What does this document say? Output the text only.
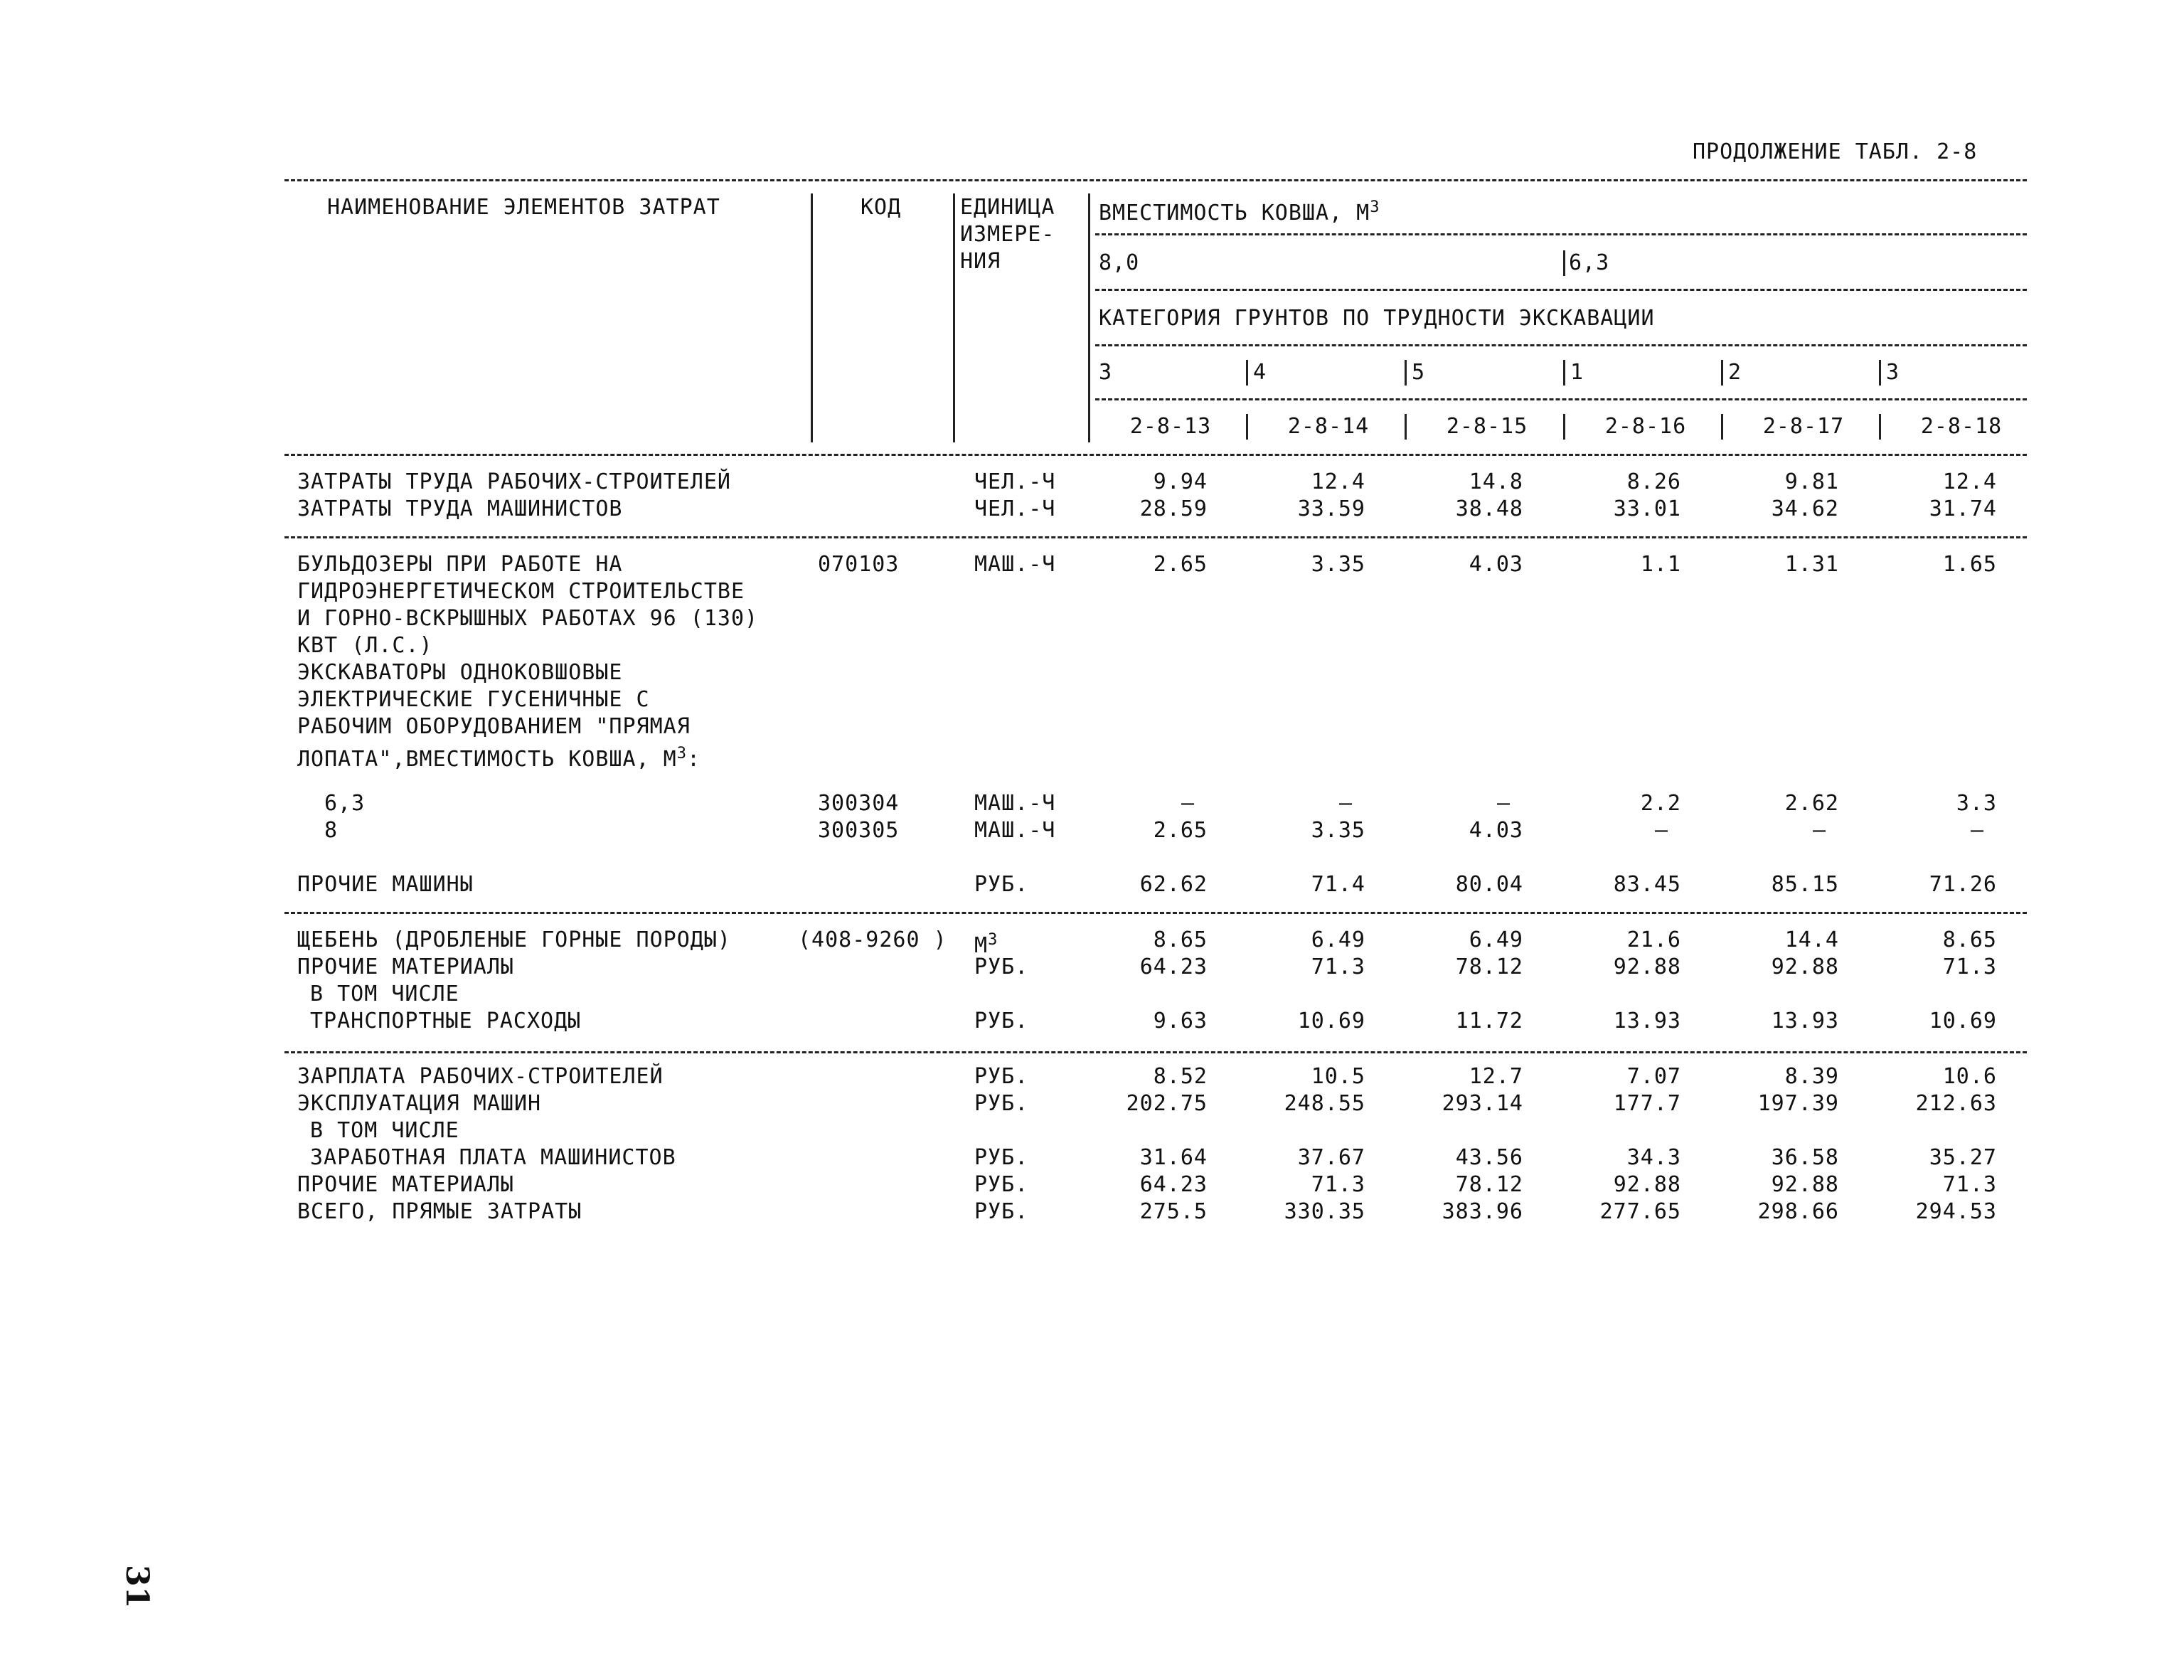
ПРОДОЛЖЕНИЕ ТАБЛ. 2-8
НАИМЕНОВАНИЕ ЭЛЕМЕНТОВ ЗАТРАТ	КОД	ЕДИНИЦА
ИЗМЕРЕ-
НИЯ
ВМЕСТИМОСТЬ КОВША, $М^3$
8,0	6,3
КАТЕГОРИЯ ГРУНТОВ ПО ТРУДНОСТИ ЭКСКАВАЦИИ
3	4	5	1	2	3
2-8-13	2-8-14	2-8-15	2-8-16	2-8-17	2-8-18
ЗАТРАТЫ ТРУДА РАБОЧИХ-СТРОИТЕЛЕЙ	ЧЕЛ.-Ч	9.94	12.4	14.8	8.26	9.81	12.4
ЗАТРАТЫ ТРУДА МАШИНИСТОВ	ЧЕЛ.-Ч	28.59	33.59	38.48	33.01	34.62	31.74
БУЛЬДОЗЕРЫ ПРИ РАБОТЕ НА
ГИДРОЭНЕРГЕТИЧЕСКОМ СТРОИТЕЛЬСТВЕ
И ГОРНО-ВСКРЫШНЫХ РАБОТАХ 96 (130)
КВТ (Л.С.)
070103	МАШ.-Ч	2.65	3.35	4.03	1.1	1.31	1.65
ЭКСКАВАТОРЫ ОДНОКОВШОВЫЕ
ЭЛЕКТРИЧЕСКИЕ ГУСЕНИЧНЫЕ С
РАБОЧИМ ОБОРУДОВАНИЕМ "ПРЯМАЯ
ЛОПАТА",ВМЕСТИМОСТЬ КОВША, $М^3$:
6,3	300304	МАШ.-Ч	–	–	–	2.2	2.62	3.3
8	300305	МАШ.-Ч	2.65	3.35	4.03	–	–	–
ПРОЧИЕ МАШИНЫ	РУБ.	62.62	71.4	80.04	83.45	85.15	71.26
ЩЕБЕНЬ (ДРОБЛЕНЫЕ ГОРНЫЕ ПОРОДЫ)	(408-9260 ) $М^3$	8.65	6.49	6.49	21.6	14.4	8.65
ПРОЧИЕ МАТЕРИАЛЫ	РУБ.	64.23	71.3	78.12	92.88	92.88	71.3
В ТОМ ЧИСЛЕ
ТРАНСПОРТНЫЕ РАСХОДЫ	РУБ.	9.63	10.69	11.72	13.93	13.93	10.69
ЗАРПЛАТА РАБОЧИХ-СТРОИТЕЛЕЙ	РУБ.	8.52	10.5	12.7	7.07	8.39	10.6
ЭКСПЛУАТАЦИЯ МАШИН	РУБ.	202.75	248.55	293.14	177.7	197.39	212.63
В ТОМ ЧИСЛЕ
ЗАРАБОТНАЯ ПЛАТА МАШИНИСТОВ	РУБ.	31.64	37.67	43.56	34.3	36.58	35.27
ПРОЧИЕ МАТЕРИАЛЫ	РУБ.	64.23	71.3	78.12	92.88	92.88	71.3
ВСЕГО, ПРЯМЫЕ ЗАТРАТЫ	РУБ.	275.5	330.35	383.96	277.65	298.66	294.53
31
